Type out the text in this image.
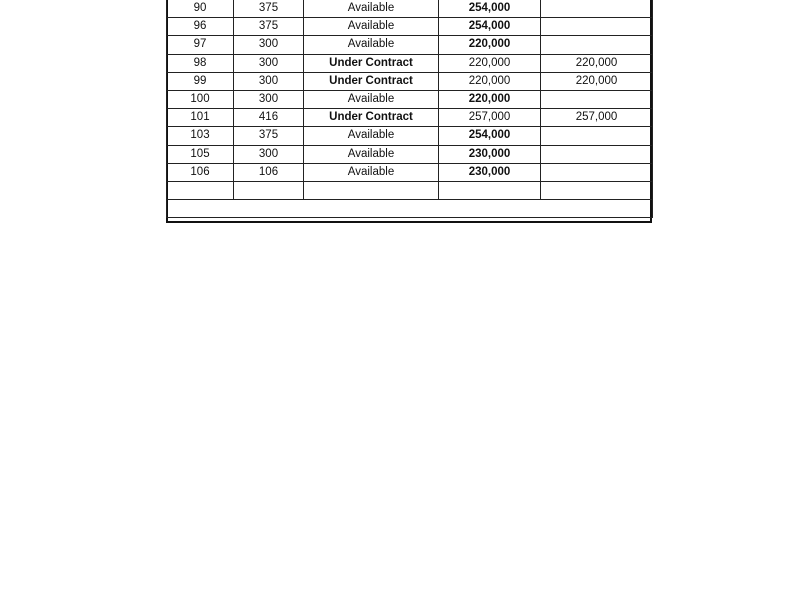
90	375	Available	254,000	
96	375	Available	254,000	
97	300	Available	220,000	
98	300	Under Contract	220,000	220,000
99	300	Under Contract	220,000	220,000
100	300	Available	220,000	
101	416	Under Contract	257,000	257,000
103	375	Available	254,000	
105	300	Available	230,000	
106	106	Available	230,000	
